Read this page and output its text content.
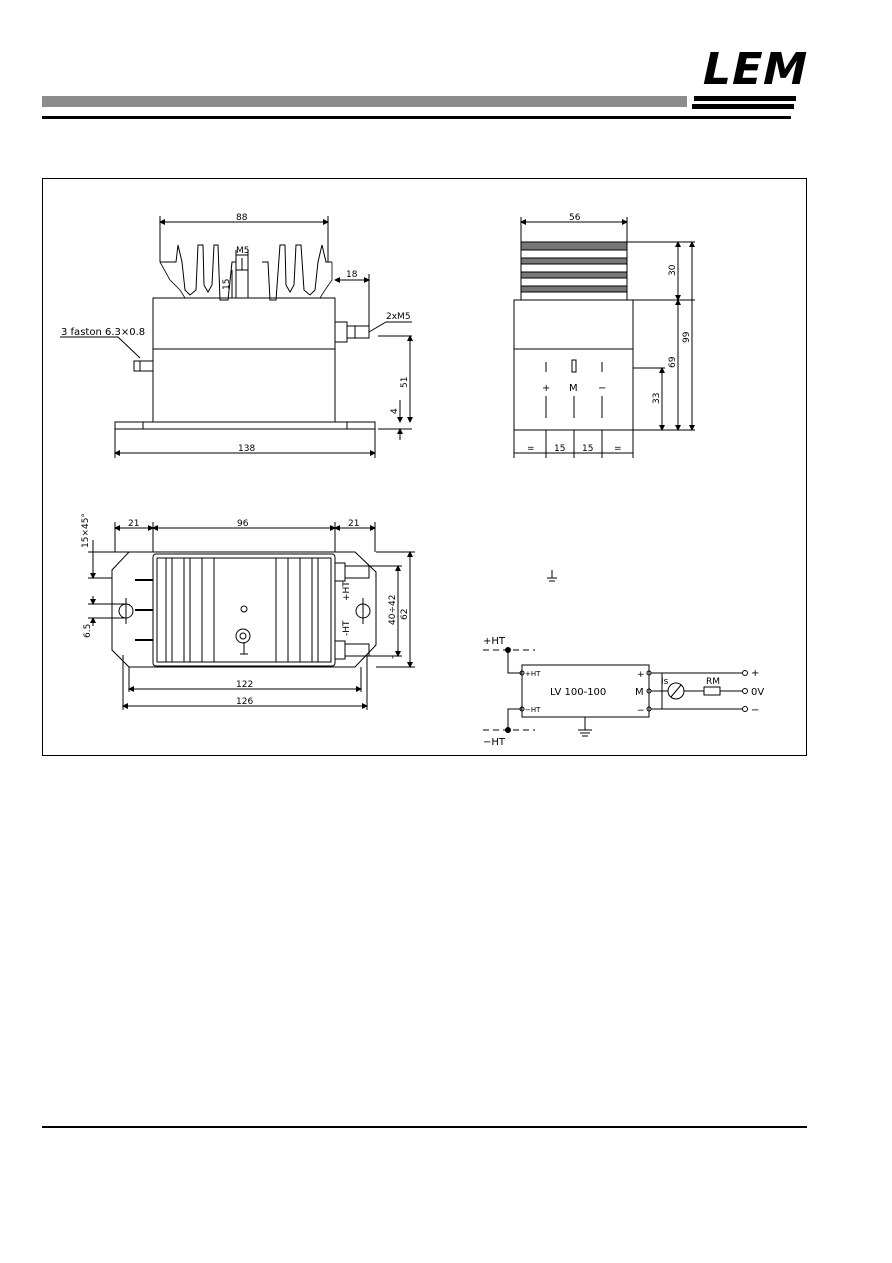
LEM
88
M5
15
18
2xM5
3 faston 6.3×0.8
51
4
138
56
30
99
69
33
+ M −
= 15 15 =
15×45°	21	96	21
6.5
122
126
40÷42 62
+HT
-HT
-
+HT
−HT
+HT
−HT
LV 100-100
+
M
−
Is	RM
+
0V
−
